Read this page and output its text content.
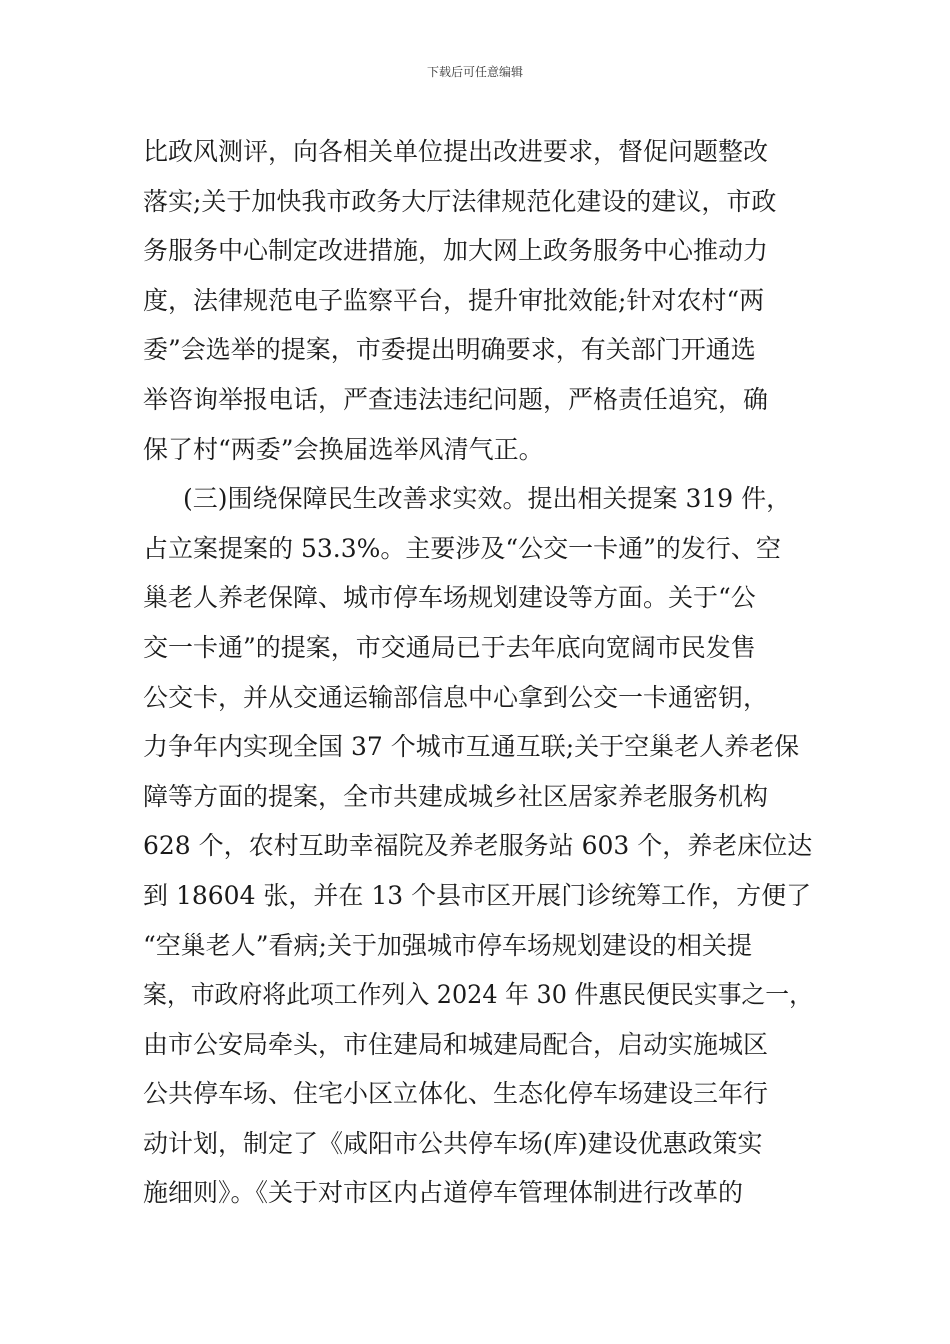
下载后可任意编辑
比政风测评，向各相关单位提出改进要求，督促问题整改
落实;关于加快我市政务大厅法律规范化建设的建议，市政
务服务中心制定改进措施，加大网上政务服务中心推动力
度，法律规范电子监察平台，提升审批效能;针对农村“两
委”会选举的提案，市委提出明确要求，有关部门开通选
举咨询举报电话，严查违法违纪问题，严格责任追究，确
保了村“两委”会换届选举风清气正。
(三)围绕保障民生改善求实效。提出相关提案 319 件，
占立案提案的 53.3%。主要涉及“公交一卡通”的发行、空
巢老人养老保障、城市停车场规划建设等方面。关于“公
交一卡通”的提案，市交通局已于去年底向宽阔市民发售
公交卡，并从交通运输部信息中心拿到公交一卡通密钥，
力争年内实现全国 37 个城市互通互联;关于空巢老人养老保
障等方面的提案，全市共建成城乡社区居家养老服务机构
628 个，农村互助幸福院及养老服务站 603 个，养老床位达
到 18604 张，并在 13 个县市区开展门诊统筹工作，方便了
“空巢老人”看病;关于加强城市停车场规划建设的相关提
案，市政府将此项工作列入 2024 年 30 件惠民便民实事之一，
由市公安局牵头，市住建局和城建局配合，启动实施城区
公共停车场、住宅小区立体化、生态化停车场建设三年行
动计划，制定了《咸阳市公共停车场(库)建设优惠政策实
施细则》。《关于对市区内占道停车管理体制进行改革的
